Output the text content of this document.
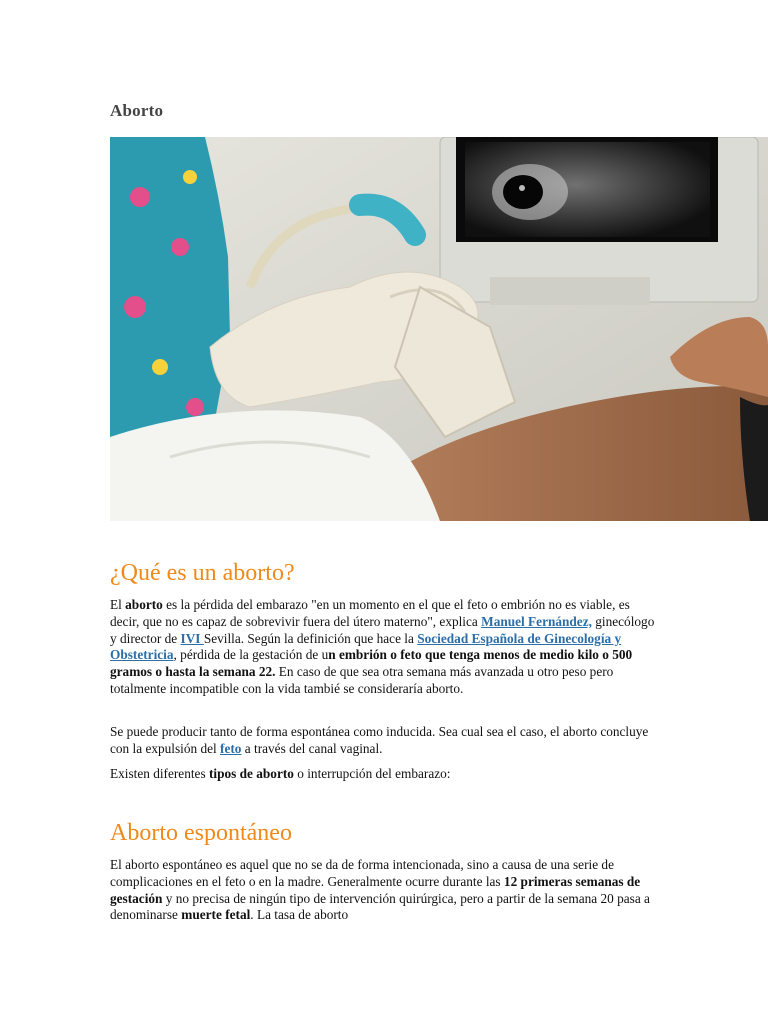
Aborto
¿Qué es un aborto?

El aborto es la pérdida del embarazo "en un momento en el que el feto o embrión no es viable, es decir, que no es capaz de sobrevivir fuera del útero materno", explica Manuel Fernández, ginecólogo y director de IVI Sevilla. Según la definición que hace la Sociedad Española de Ginecología y Obstetricia, pérdida de la gestación de un embrión o feto que tenga menos de medio kilo o 500 gramos o hasta la semana 22. En caso de que sea otra semana más avanzada u otro peso pero totalmente incompatible con la vida tambié se consideraría aborto.

Se puede producir tanto de forma espontánea como inducida. Sea cual sea el caso, el aborto concluye con la expulsión del feto a través del canal vaginal.

Existen diferentes tipos de aborto o interrupción del embarazo:

Aborto espontáneo

El aborto espontáneo es aquel que no se da de forma intencionada, sino a causa de una serie de complicaciones en el feto o en la madre. Generalmente ocurre durante las 12 primeras semanas de gestación y no precisa de ningún tipo de intervención quirúrgica, pero a partir de la semana 20 pasa a denominarse muerte fetal. La tasa de aborto
